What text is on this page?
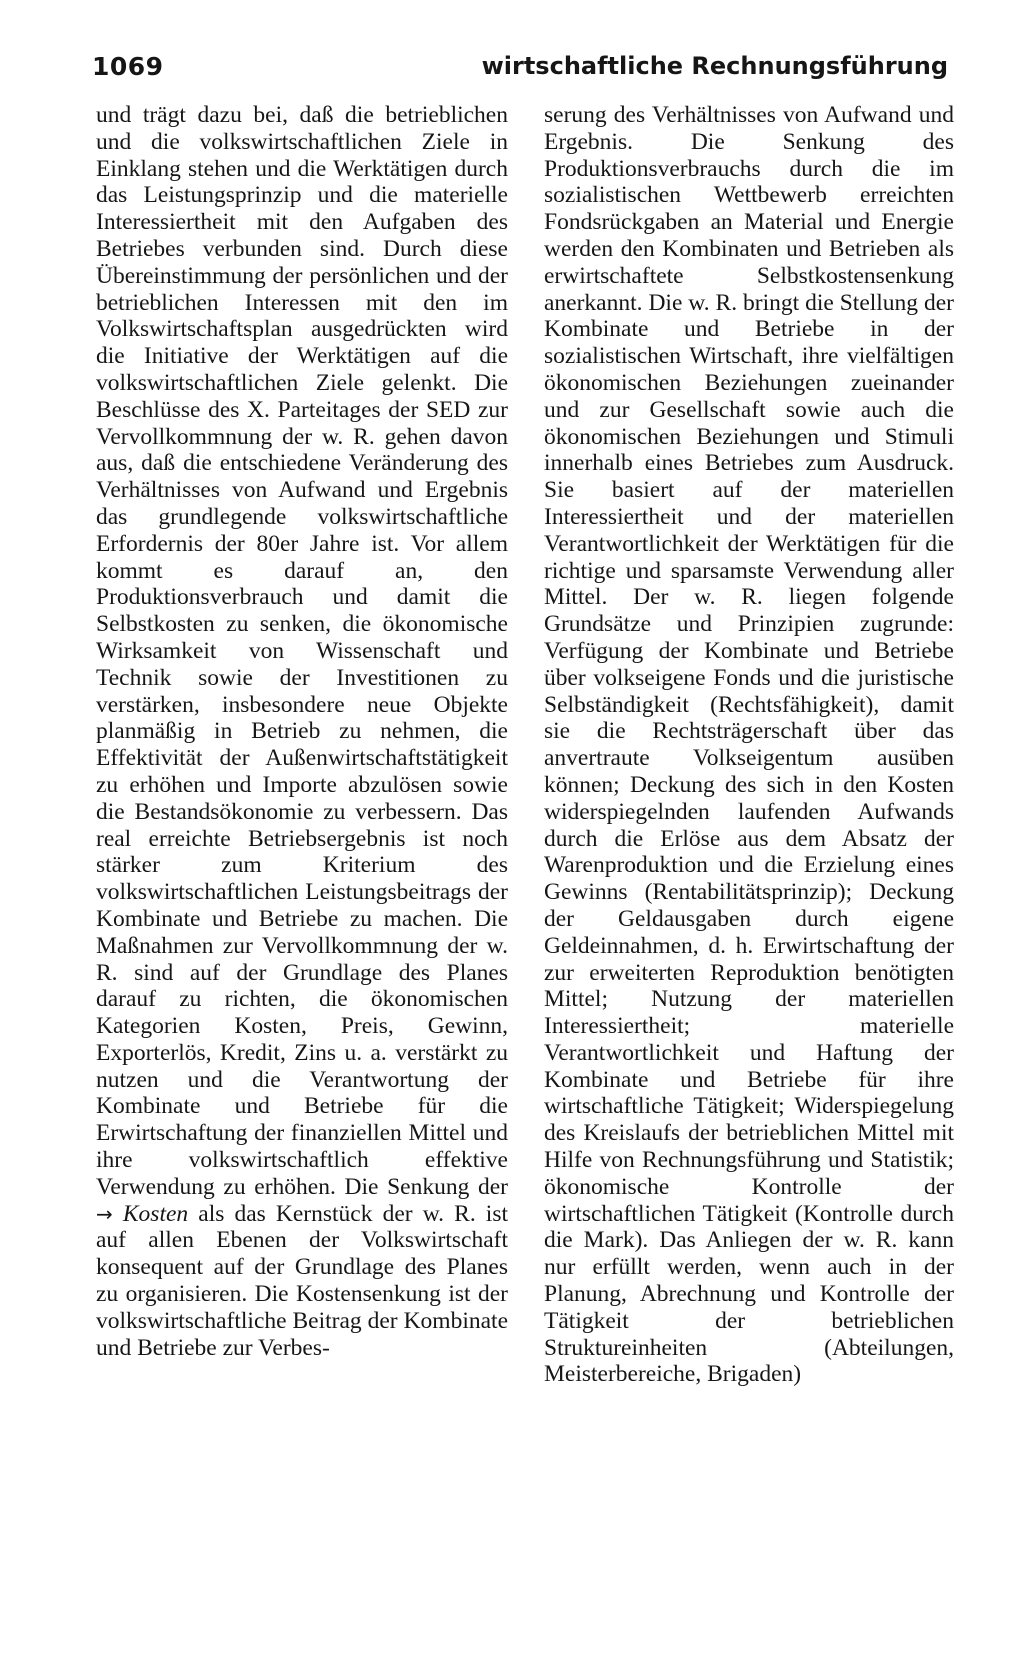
1069	wirtschaftliche Rechnungsführung
und trägt dazu bei, daß die betrieblichen und die volkswirtschaftlichen Ziele in Einklang stehen und die Werktätigen durch das Leistungsprinzip und die materielle Interessiertheit mit den Aufgaben des Betriebes verbunden sind. Durch diese Übereinstimmung der persönlichen und der betrieblichen Interessen mit den im Volkswirtschaftsplan ausgedrückten wird die Initiative der Werktätigen auf die volkswirtschaftlichen Ziele gelenkt. Die Beschlüsse des X. Parteitages der SED zur Vervollkommnung der w. R. gehen davon aus, daß die entschiedene Veränderung des Verhältnisses von Aufwand und Ergebnis das grundlegende volkswirtschaftliche Erfordernis der 80er Jahre ist. Vor allem kommt es darauf an, den Produktionsverbrauch und damit die Selbstkosten zu senken, die ökonomische Wirksamkeit von Wissenschaft und Technik sowie der Investitionen zu verstärken, insbesondere neue Objekte planmäßig in Betrieb zu nehmen, die Effektivität der Außenwirtschaftstätigkeit zu erhöhen und Importe abzulösen sowie die Bestandsökonomie zu verbessern. Das real erreichte Betriebsergebnis ist noch stärker zum Kriterium des volkswirtschaftlichen Leistungsbeitrags der Kombinate und Betriebe zu machen. Die Maßnahmen zur Vervollkommnung der w. R. sind auf der Grundlage des Planes darauf zu richten, die ökonomischen Kategorien Kosten, Preis, Gewinn, Exporterlös, Kredit, Zins u. a. verstärkt zu nutzen und die Verantwortung der Kombinate und Betriebe für die Erwirtschaftung der finanziellen Mittel und ihre volkswirtschaftlich effektive Verwendung zu erhöhen. Die Senkung der → Kosten als das Kernstück der w. R. ist auf allen Ebenen der Volkswirtschaft konsequent auf der Grundlage des Planes zu organisieren. Die Kostensenkung ist der volkswirtschaftliche Beitrag der Kombinate und Betriebe zur Verbes-
serung des Verhältnisses von Aufwand und Ergebnis. Die Senkung des Produktionsverbrauchs durch die im sozialistischen Wettbewerb erreichten Fondsrückgaben an Material und Energie werden den Kombinaten und Betrieben als erwirtschaftete Selbstkostensenkung anerkannt. Die w. R. bringt die Stellung der Kombinate und Betriebe in der sozialistischen Wirtschaft, ihre vielfältigen ökonomischen Beziehungen zueinander und zur Gesellschaft sowie auch die ökonomischen Beziehungen und Stimuli innerhalb eines Betriebes zum Ausdruck. Sie basiert auf der materiellen Interessiertheit und der materiellen Verantwortlichkeit der Werktätigen für die richtige und sparsamste Verwendung aller Mittel. Der w. R. liegen folgende Grundsätze und Prinzipien zugrunde: Verfügung der Kombinate und Betriebe über volkseigene Fonds und die juristische Selbständigkeit (Rechtsfähigkeit), damit sie die Rechtsträgerschaft über das anvertraute Volkseigentum ausüben können; Deckung des sich in den Kosten widerspiegelnden laufenden Aufwands durch die Erlöse aus dem Absatz der Warenproduktion und die Erzielung eines Gewinns (Rentabilitätsprinzip); Deckung der Geldausgaben durch eigene Geldeinnahmen, d. h. Erwirtschaftung der zur erweiterten Reproduktion benötigten Mittel; Nutzung der materiellen Interessiertheit; materielle Verantwortlichkeit und Haftung der Kombinate und Betriebe für ihre wirtschaftliche Tätigkeit; Widerspiegelung des Kreislaufs der betrieblichen Mittel mit Hilfe von Rechnungsführung und Statistik; ökonomische Kontrolle der wirtschaftlichen Tätigkeit (Kontrolle durch die Mark). Das Anliegen der w. R. kann nur erfüllt werden, wenn auch in der Planung, Abrechnung und Kontrolle der Tätigkeit der betrieblichen Struktureinheiten (Abteilungen, Meisterbereiche, Brigaden)
